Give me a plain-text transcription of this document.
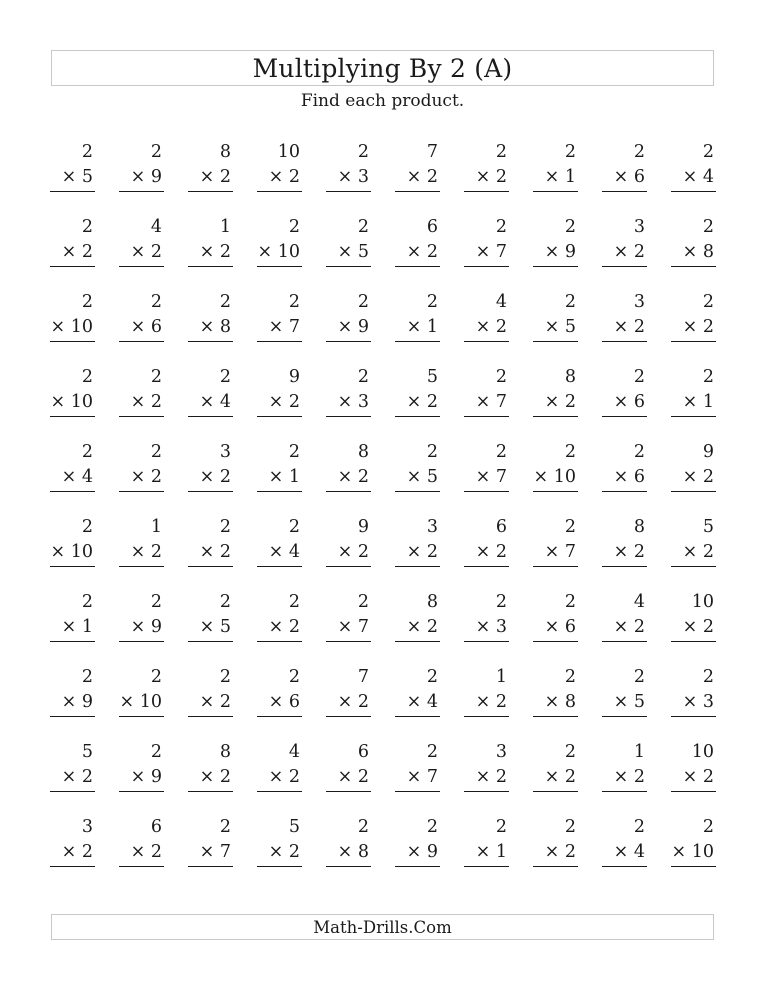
Multiplying By 2 (A)
Find each product.
2
× 5
2
× 9
8
× 2
10
× 2
2
× 3
7
× 2
2
× 2
2
× 1
2
× 6
2
× 4
2
× 2
4
× 2
1
× 2
2
× 10
2
× 5
6
× 2
2
× 7
2
× 9
3
× 2
2
× 8
2
× 10
2
× 6
2
× 8
2
× 7
2
× 9
2
× 1
4
× 2
2
× 5
3
× 2
2
× 2
2
× 10
2
× 2
2
× 4
9
× 2
2
× 3
5
× 2
2
× 7
8
× 2
2
× 6
2
× 1
2
× 4
2
× 2
3
× 2
2
× 1
8
× 2
2
× 5
2
× 7
2
× 10
2
× 6
9
× 2
2
× 10
1
× 2
2
× 2
2
× 4
9
× 2
3
× 2
6
× 2
2
× 7
8
× 2
5
× 2
2
× 1
2
× 9
2
× 5
2
× 2
2
× 7
8
× 2
2
× 3
2
× 6
4
× 2
10
× 2
2
× 9
2
× 10
2
× 2
2
× 6
7
× 2
2
× 4
1
× 2
2
× 8
2
× 5
2
× 3
5
× 2
2
× 9
8
× 2
4
× 2
6
× 2
2
× 7
3
× 2
2
× 2
1
× 2
10
× 2
3
× 2
6
× 2
2
× 7
5
× 2
2
× 8
2
× 9
2
× 1
2
× 2
2
× 4
2
× 10
Math-Drills.Com
